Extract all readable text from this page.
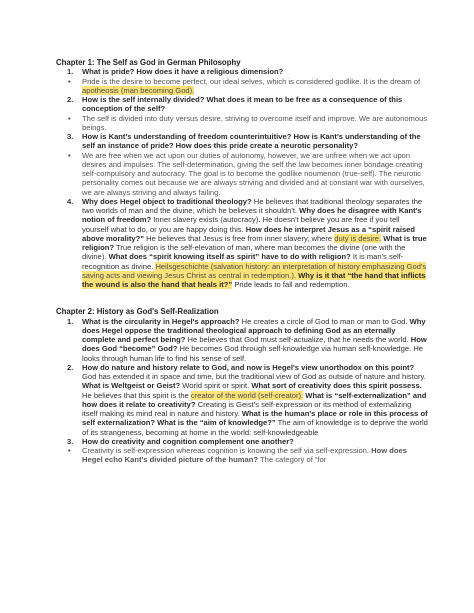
Chapter 1: The Self as God in German Philosophy
1. What is pride? How does it have a religious dimension?
• Pride is the desire to become perfect, our ideal selves, which is considered godlike. It is the dream of apotheosis (man becoming God).
2. How is the self internally divided? What does it mean to be free as a consequence of this conception of the self?
• The self is divided into duty versus desire, striving to overcome itself and improve. We are autonomous beings.
3. How is Kant's understanding of freedom counterintuitive? How is Kant's understanding of the self an instance of pride? How does this pride create a neurotic personality?
• We are free when we act upon our duties of autonomy, however, we are unfree when we act upon desires and impulses. The self-determination, giving the self the law becomes inner bondage creating self-compulsory and autocracy. The goal is to become the godlike noumenon (true-self). The neurotic personality comes out because we are always striving and divided and at constant war with ourselves, we are always striving and always failing.
4. Why does Hegel object to traditional theology? He believes that traditional theology separates the two worlds of man and the divine, which he believes it shouldn't. Why does he disagree with Kant's notion of freedom? Inner slavery exists (autocracy). He doesn't believe you are free if you tell yourself what to do, or you are happy doing this. How does he interpret Jesus as a “spirit raised above morality?” He believes that Jesus is free from inner slavery, where duty is desire. What is true religion? True religion is the self-elevation of man, where man becomes the divine (one with the divine). What does “spirit knowing itself as spirit” have to do with religion? It is man's self-recognition as divine. Heilsgeschichte (salvation history: an interpretation of history emphasizing God's saving acts and viewing Jesus Christ as central in redemption.). Why is it that “the hand that inflicts the wound is also the hand that heals it?” Pride leads to fall and redemption.
Chapter 2: History as God's Self-Realization
1. What is the circularity in Hegel's approach? He creates a circle of God to man or man to God. Why does Hegel oppose the traditional theological approach to defining God as an eternally complete and perfect being? He believes that God must self-actualize, that he needs the world. How does God “become” God? He becomes God through self-knowledge via human self-knowledge. He looks through human life to find his sense of self.
2. How do nature and history relate to God, and now is Hegel's view unorthodox on this point? God has extended it in space and time, but the traditional view of God as outside of nature and history. What is Weltgeist or Geist? World spirit or spirit. What sort of creativity does this spirit possess. He believes that this spirit is the creator of the world (self-creator). What is “self-externalization” and how does it relate to creativity? Creating is Geist's self-expression or its method of externalizing itself making its mind real in nature and history. What is the human's place or role in this process of self externalization? What is the “aim of knowledge?” The aim of knowledge is to deprive the world of its strangeness, becoming at home in the world: self-knowledgeable
3. How do creativity and cognition complement one another?
• Creativity is self-expression whereas cognition is knowing the self via self-expression. How does Hegel echo Kant's divided picture of the human? The category of “for
